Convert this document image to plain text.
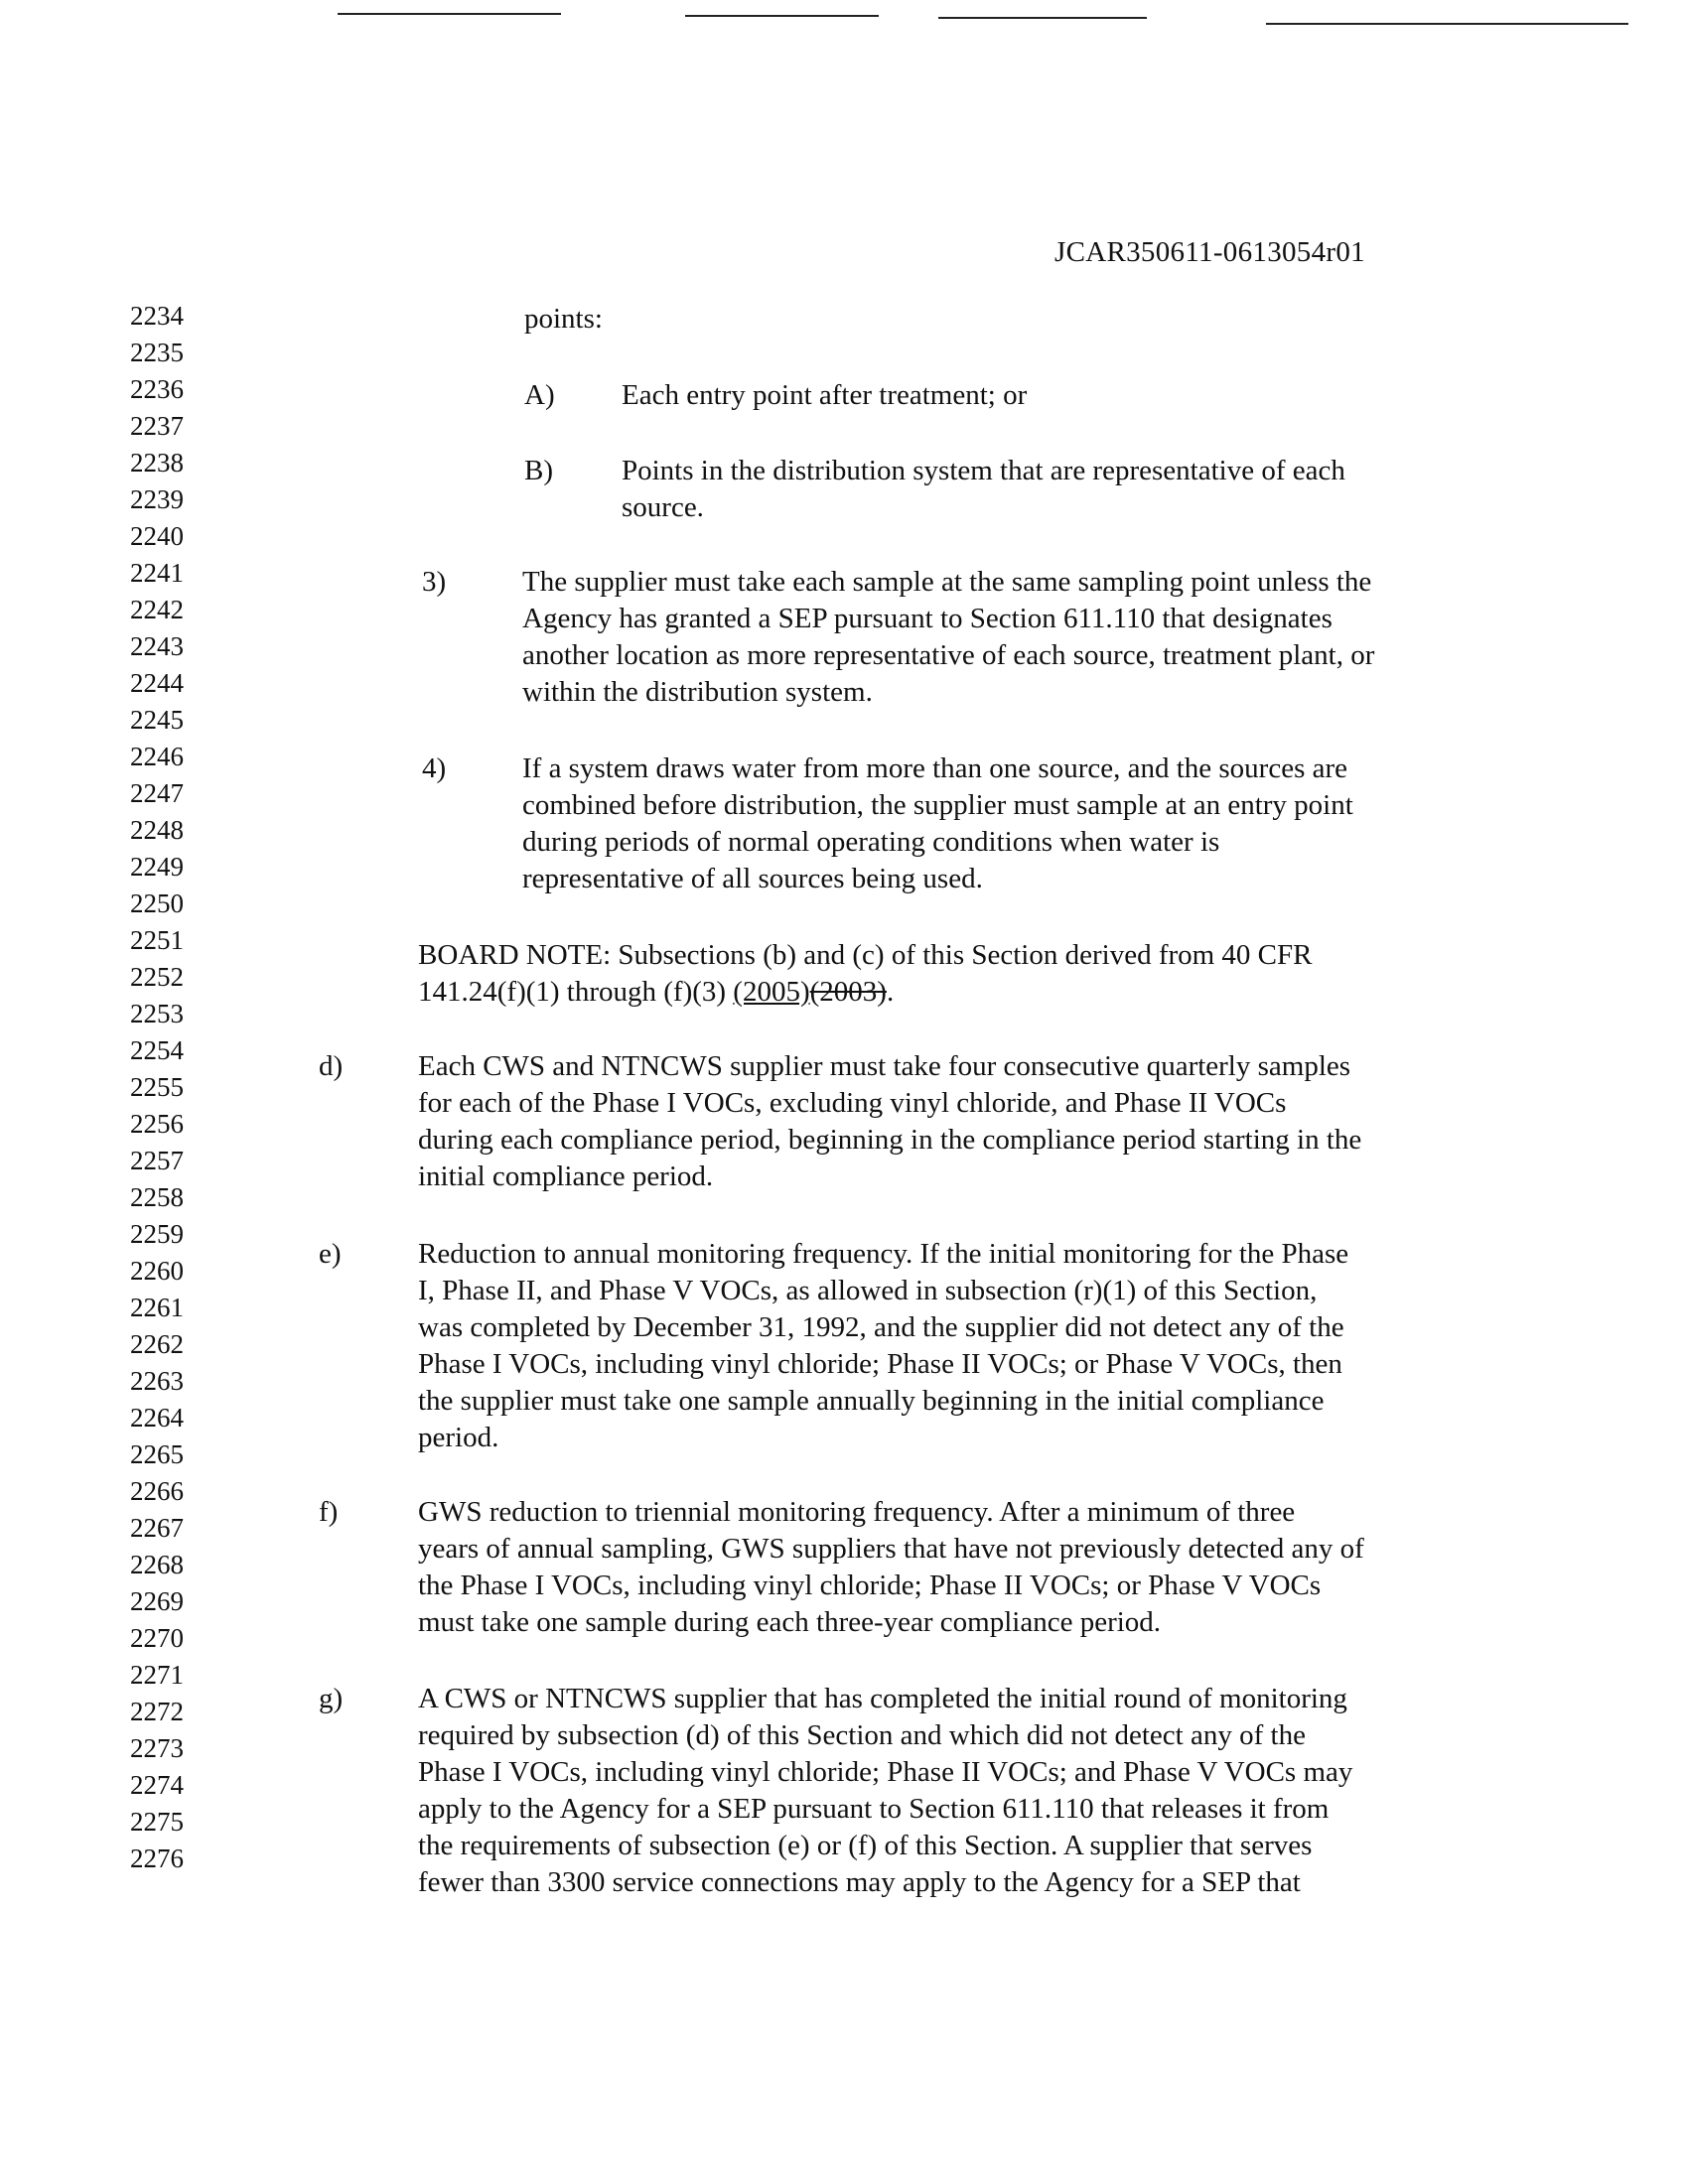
JCAR350611-0613054r01
2234
2235
2236
2237
2238
2239
2240
2241
2242
2243
2244
2245
2246
2247
2248
2249
2250
2251
2252
2253
2254
2255
2256
2257
2258
2259
2260
2261
2262
2263
2264
2265
2266
2267
2268
2269
2270
2271
2272
2273
2274
2275
2276
points:
A) Each entry point after treatment; or
B) Points in the distribution system that are representative of each
source.
3)	The supplier must take each sample at the same sampling point unless the
Agency has granted a SEP pursuant to Section 611.110 that designates
another location as more representative of each source, treatment plant, or
within the distribution system.
4)	If a system draws water from more than one source, and the sources are
combined before distribution, the supplier must sample at an entry point
during periods of normal operating conditions when water is
representative of all sources being used.
BOARD NOTE: Subsections (b) and (c) of this Section derived from 40 CFR
141.24(f)(1) through (f)(3) (2005)(2003).
d)	Each CWS and NTNCWS supplier must take four consecutive quarterly samples
for each of the Phase I VOCs, excluding vinyl chloride, and Phase II VOCs
during each compliance period, beginning in the compliance period starting in the
initial compliance period.
e)	Reduction to annual monitoring frequency. If the initial monitoring for the Phase
I, Phase II, and Phase V VOCs, as allowed in subsection (r)(1) of this Section,
was completed by December 31, 1992, and the supplier did not detect any of the
Phase I VOCs, including vinyl chloride; Phase II VOCs; or Phase V VOCs, then
the supplier must take one sample annually beginning in the initial compliance
period.
f)	GWS reduction to triennial monitoring frequency. After a minimum of three
years of annual sampling, GWS suppliers that have not previously detected any of
the Phase I VOCs, including vinyl chloride; Phase II VOCs; or Phase V VOCs
must take one sample during each three-year compliance period.
g)	A CWS or NTNCWS supplier that has completed the initial round of monitoring
required by subsection (d) of this Section and which did not detect any of the
Phase I VOCs, including vinyl chloride; Phase II VOCs; and Phase V VOCs may
apply to the Agency for a SEP pursuant to Section 611.110 that releases it from
the requirements of subsection (e) or (f) of this Section. A supplier that serves
fewer than 3300 service connections may apply to the Agency for a SEP that
